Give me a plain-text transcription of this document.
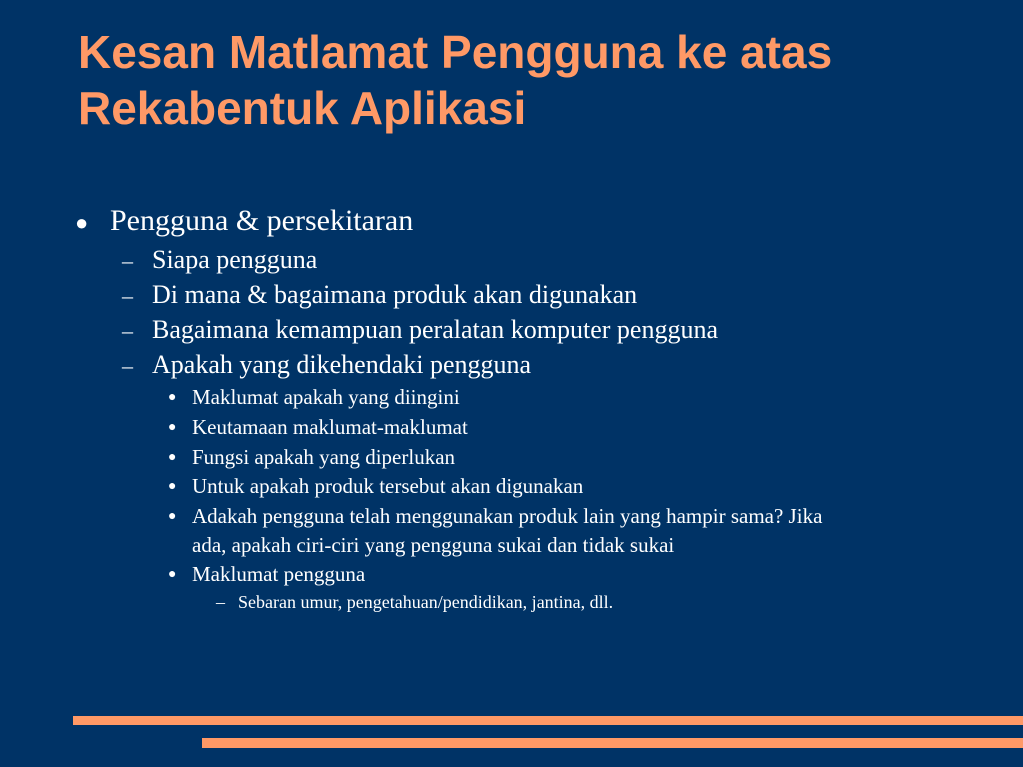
Kesan Matlamat Pengguna ke atas
Rekabentuk Aplikasi
● Pengguna & persekitaran
– Siapa pengguna
– Di mana & bagaimana produk akan digunakan
– Bagaimana kemampuan peralatan komputer pengguna
– Apakah yang dikehendaki pengguna
● Maklumat apakah yang diingini
● Keutamaan maklumat-maklumat
● Fungsi apakah yang diperlukan
● Untuk apakah produk tersebut akan digunakan
● Adakah pengguna telah menggunakan produk lain yang hampir sama? Jika
ada, apakah ciri-ciri yang pengguna sukai dan tidak sukai
● Maklumat pengguna
– Sebaran umur, pengetahuan/pendidikan, jantina, dll.
